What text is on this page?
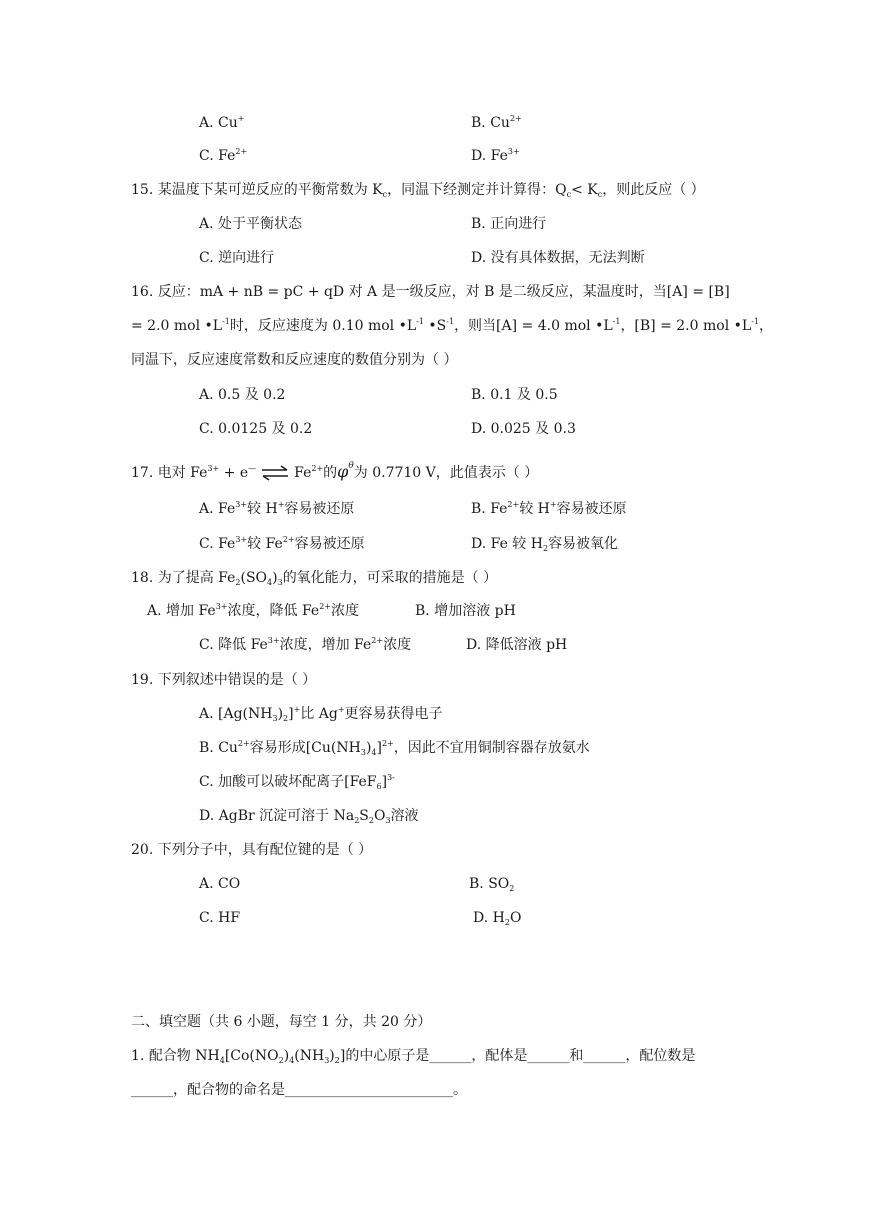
A. Cu+	B. $Cu^{2+}$
C. $Fe^{2+}$	D. $Fe^{3+}$
15. 某温度下某可逆反应的平衡常数为 $K_c$，同温下经测定并计算得：$Q_c< K_c$，则此反应（ ）
A. 处于平衡状态	B. 正向进行
C. 逆向进行	D. 没有具体数据，无法判断
16. 反应：mA + nB = pC + qD 对 A 是一级反应，对 B 是二级反应，某温度时，当[A] = [B]
= 2.0 mol $•L^{-1}$时，反应速度为 0.10 mol $•L^{-1}$ $•S^{-1}$，则当[A] = 4.0 mol $•L^{-1}$，[B] = 2.0 mol $•L^{-1}$，
同温下，反应速度常数和反应速度的数值分别为（ ）
A. 0.5 及 0.2	B. 0.1 及 0.5
C. 0.0125 及 0.2	D. 0.025 及 0.3
17. 电对 $Fe^{3+} + e^—$ ⇌ $Fe^{2+}$的$\varphi^\theta$为 0.7710 V，此值表示（ ）
A. $Fe^{3+}$较 H+容易被还原	B. $Fe^{2+}$较 H+容易被还原
C. $Fe^{3+}$较 $Fe^{2+}$容易被还原	D. Fe 较 $H_2$容易被氧化
18. 为了提高 $Fe_2(SO_4)_3$的氧化能力，可采取的措施是（ ）
A. 增加 $Fe^{3+}$浓度，降低 $Fe^{2+}$浓度	B. 增加溶液 pH
C. 降低 $Fe^{3+}$浓度，增加 $Fe^{2+}$浓度	D. 降低溶液 pH
19. 下列叙述中错误的是（ ）
A. $[Ag(NH_3)_2]^+$比 Ag+更容易获得电子
B. $Cu^{2+}$容易形成$[Cu(NH_3)_4]^{2+}$，因此不宜用铜制容器存放氨水
C. 加酸可以破坏配离子$[FeF_6]^{3-}$
D. AgBr 沉淀可溶于 $Na_2S_2O_3$溶液
20. 下列分子中，具有配位键的是（ ）
A. CO	B. $SO_2$
C. HF	D. $H_2O$
二、填空题（共 6 小题，每空 1 分，共 20 分）
1. 配合物 $NH_4[Co(NO_2)_4(NH_3)_2]$的中心原子是______，配体是______和______，配位数是
______，配合物的命名是________________________。
